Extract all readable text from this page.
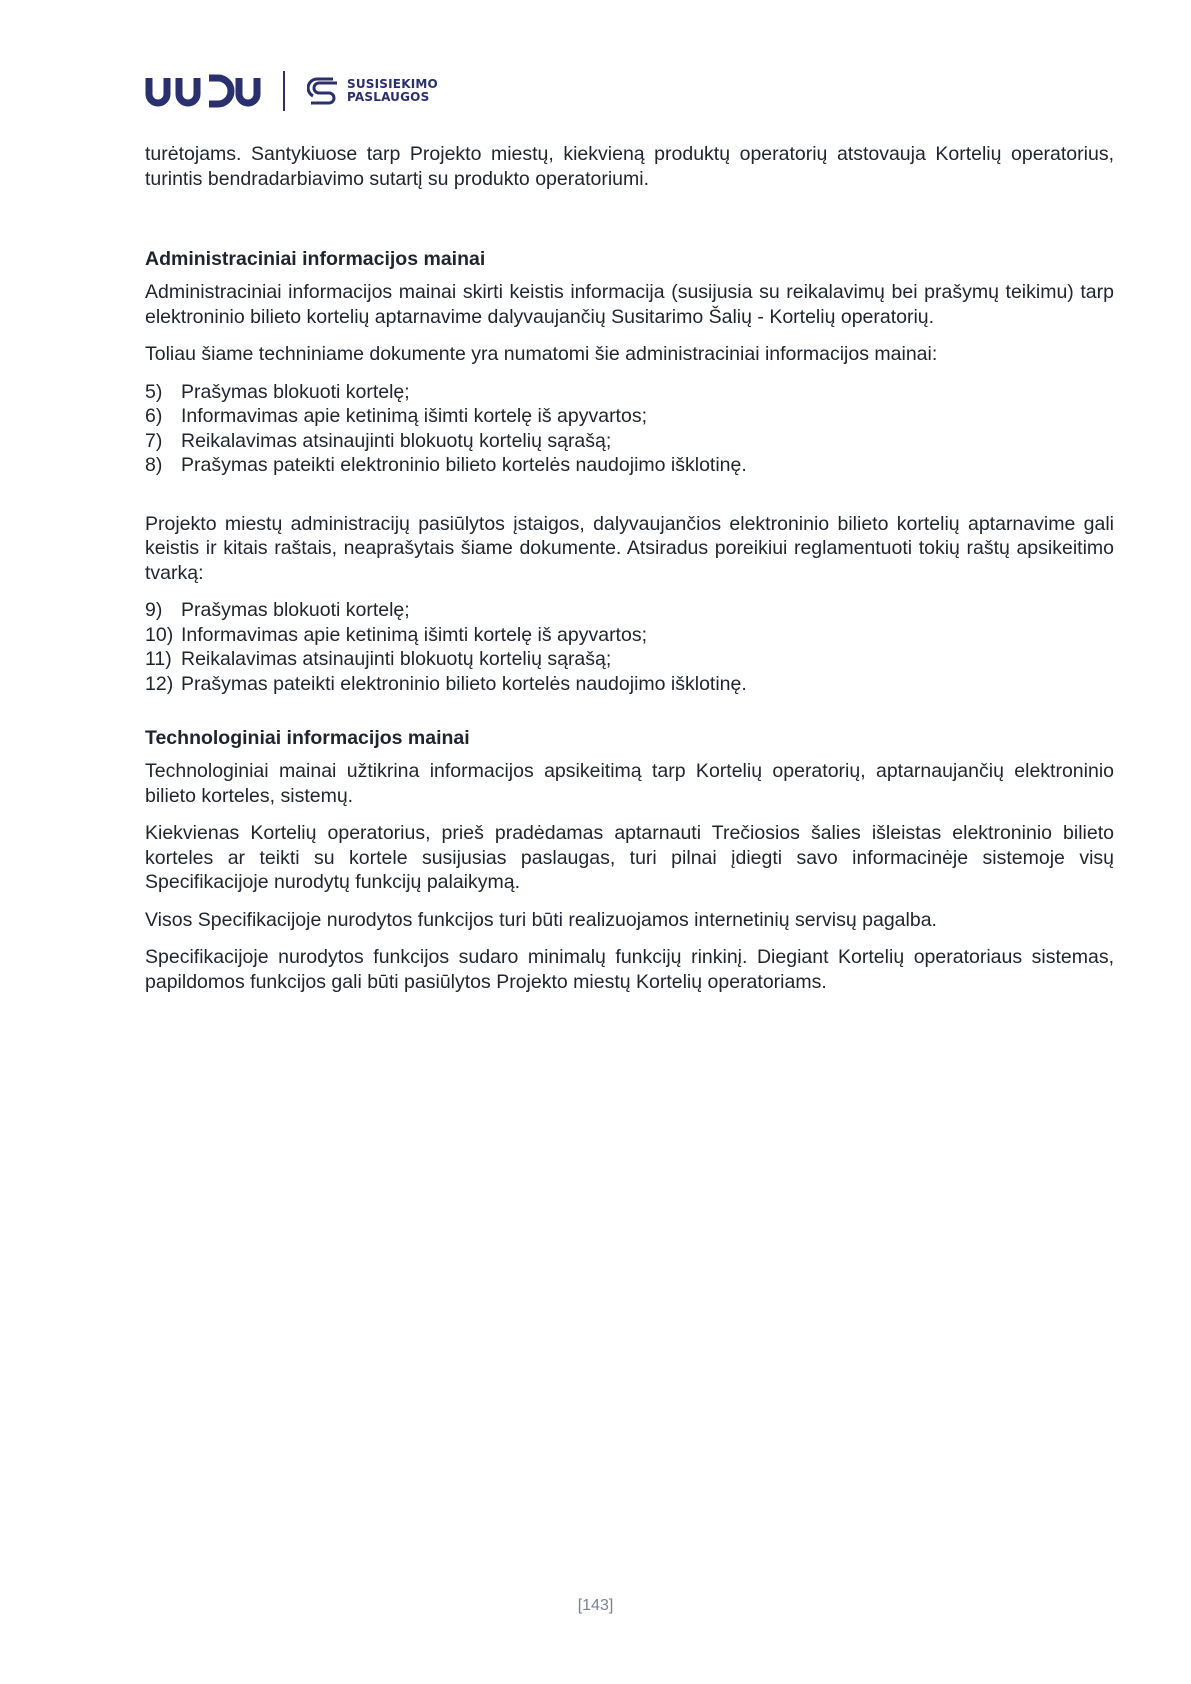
SUSISIEKIMO
PASLAUGOS

turėtojams. Santykiuose tarp Projekto miestų, kiekvieną produktų operatorių atstovauja Kortelių operatorius, turintis bendradarbiavimo sutartį su produkto operatoriumi.

Administraciniai informacijos mainai

Administraciniai informacijos mainai skirti keistis informacija (susijusia su reikalavimų bei prašymų teikimu) tarp elektroninio bilieto kortelių aptarnavime dalyvaujančių Susitarimo Šalių - Kortelių operatorių.

Toliau šiame techniniame dokumente yra numatomi šie administraciniai informacijos mainai:

5) Prašymas blokuoti kortelę;
6) Informavimas apie ketinimą išimti kortelę iš apyvartos;
7) Reikalavimas atsinaujinti blokuotų kortelių sąrašą;
8) Prašymas pateikti elektroninio bilieto kortelės naudojimo išklotinę.

Projekto miestų administracijų pasiūlytos įstaigos, dalyvaujančios elektroninio bilieto kortelių aptarnavime gali keistis ir kitais raštais, neaprašytais šiame dokumente. Atsiradus poreikiui reglamentuoti tokių raštų apsikeitimo tvarką:

9) Prašymas blokuoti kortelę;
10) Informavimas apie ketinimą išimti kortelę iš apyvartos;
11) Reikalavimas atsinaujinti blokuotų kortelių sąrašą;
12) Prašymas pateikti elektroninio bilieto kortelės naudojimo išklotinę.
Technologiniai informacijos mainai

Technologiniai mainai užtikrina informacijos apsikeitimą tarp Kortelių operatorių, aptarnaujančių elektroninio bilieto korteles, sistemų.

Kiekvienas Kortelių operatorius, prieš pradėdamas aptarnauti Trečiosios šalies išleistas elektroninio bilieto korteles ar teikti su kortele susijusias paslaugas, turi pilnai įdiegti savo informacinėje sistemoje visų Specifikacijoje nurodytų funkcijų palaikymą.

Visos Specifikacijoje nurodytos funkcijos turi būti realizuojamos internetinių servisų pagalba.

Specifikacijoje nurodytos funkcijos sudaro minimalų funkcijų rinkinį. Diegiant Kortelių operatoriaus sistemas, papildomos funkcijos gali būti pasiūlytos Projekto miestų Kortelių operatoriams.

[143]
